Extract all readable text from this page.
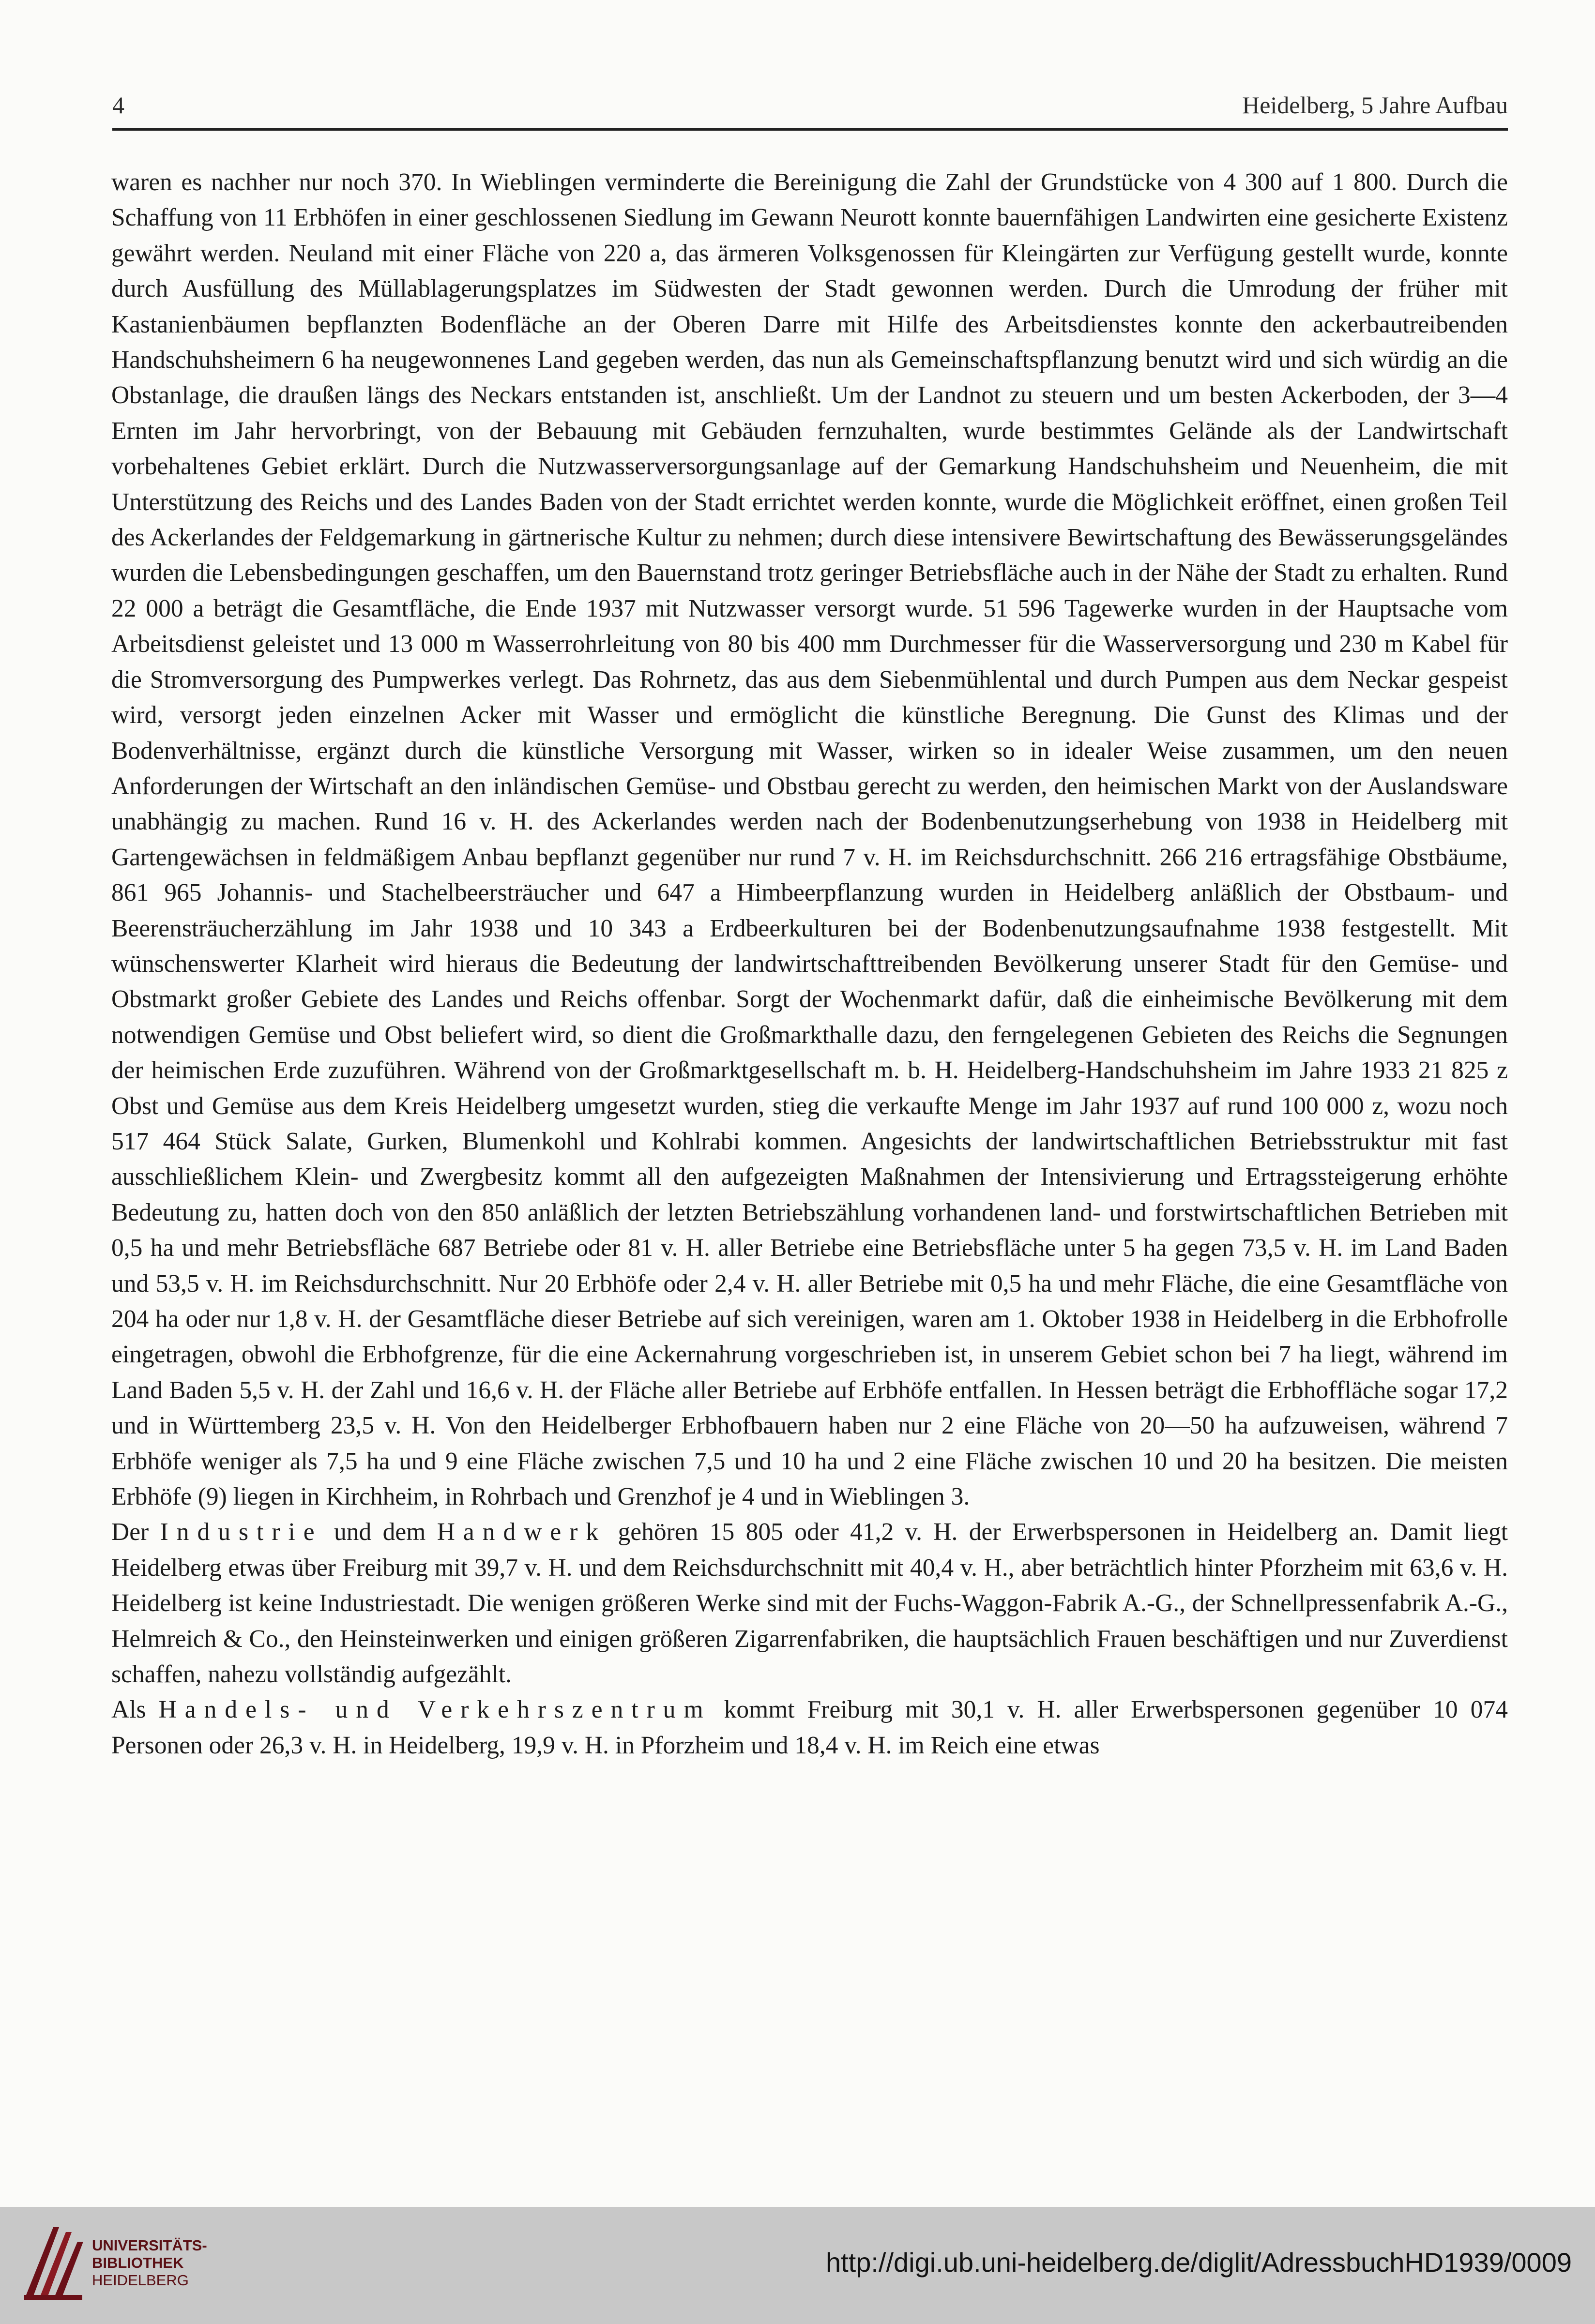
4	Heidelberg, 5 Jahre Aufbau

waren es nachher nur noch 370. In Wieblingen verminderte die Bereinigung die Zahl der Grundstücke von 4 300 auf 1 800. Durch die Schaffung von 11 Erbhöfen in einer geschlossenen Siedlung im Gewann Neurott konnte bauernfähigen Landwirten eine gesicherte Existenz gewährt werden. Neuland mit einer Fläche von 220 a, das ärmeren Volksgenossen für Kleingärten zur Verfügung gestellt wurde, konnte durch Ausfüllung des Müllablagerungsplatzes im Südwesten der Stadt gewonnen werden. Durch die Umrodung der früher mit Kastanienbäumen bepflanzten Bodenfläche an der Oberen Darre mit Hilfe des Arbeitsdienstes konnte den ackerbautreibenden Handschuhsheimern 6 ha neugewonnenes Land gegeben werden, das nun als Gemeinschaftspflanzung benutzt wird und sich würdig an die Obstanlage, die draußen längs des Neckars entstanden ist, anschließt. Um der Landnot zu steuern und um besten Ackerboden, der 3—4 Ernten im Jahr hervorbringt, von der Bebauung mit Gebäuden fernzuhalten, wurde bestimmtes Gelände als der Landwirtschaft vorbehaltenes Gebiet erklärt. Durch die Nutzwasserversorgungsanlage auf der Gemarkung Handschuhsheim und Neuenheim, die mit Unterstützung des Reichs und des Landes Baden von der Stadt errichtet werden konnte, wurde die Möglichkeit eröffnet, einen großen Teil des Ackerlandes der Feldgemarkung in gärtnerische Kultur zu nehmen; durch diese intensivere Bewirtschaftung des Bewässerungsgeländes wurden die Lebensbedingungen geschaffen, um den Bauernstand trotz geringer Betriebsfläche auch in der Nähe der Stadt zu erhalten. Rund 22 000 a beträgt die Gesamtfläche, die Ende 1937 mit Nutzwasser versorgt wurde. 51 596 Tagewerke wurden in der Hauptsache vom Arbeitsdienst geleistet und 13 000 m Wasserrohrleitung von 80 bis 400 mm Durchmesser für die Wasserversorgung und 230 m Kabel für die Stromversorgung des Pumpwerkes verlegt. Das Rohrnetz, das aus dem Siebenmühlental und durch Pumpen aus dem Neckar gespeist wird, versorgt jeden einzelnen Acker mit Wasser und ermöglicht die künstliche Beregnung. Die Gunst des Klimas und der Bodenverhältnisse, ergänzt durch die künstliche Versorgung mit Wasser, wirken so in idealer Weise zusammen, um den neuen Anforderungen der Wirtschaft an den inländischen Gemüse- und Obstbau gerecht zu werden, den heimischen Markt von der Auslandsware unabhängig zu machen. Rund 16 v. H. des Ackerlandes werden nach der Bodenbenutzungserhebung von 1938 in Heidelberg mit Gartengewächsen in feldmäßigem Anbau bepflanzt gegenüber nur rund 7 v. H. im Reichsdurchschnitt. 266 216 ertragsfähige Obstbäume, 861 965 Johannis- und Stachelbeersträucher und 647 a Himbeerpflanzung wurden in Heidelberg anläßlich der Obstbaum- und Beerensträucherzählung im Jahr 1938 und 10 343 a Erdbeerkulturen bei der Bodenbenutzungsaufnahme 1938 festgestellt. Mit wünschenswerter Klarheit wird hieraus die Bedeutung der landwirtschafttreibenden Bevölkerung unserer Stadt für den Gemüse- und Obstmarkt großer Gebiete des Landes und Reichs offenbar. Sorgt der Wochenmarkt dafür, daß die einheimische Bevölkerung mit dem notwendigen Gemüse und Obst beliefert wird, so dient die Großmarkthalle dazu, den ferngelegenen Gebieten des Reichs die Segnungen der heimischen Erde zuzuführen. Während von der Großmarktgesellschaft m. b. H. Heidelberg-Handschuhsheim im Jahre 1933 21 825 z Obst und Gemüse aus dem Kreis Heidelberg umgesetzt wurden, stieg die verkaufte Menge im Jahr 1937 auf rund 100 000 z, wozu noch 517 464 Stück Salate, Gurken, Blumenkohl und Kohlrabi kommen. Angesichts der landwirtschaftlichen Betriebsstruktur mit fast ausschließlichem Klein- und Zwergbesitz kommt all den aufgezeigten Maßnahmen der Intensivierung und Ertragssteigerung erhöhte Bedeutung zu, hatten doch von den 850 anläßlich der letzten Betriebszählung vorhandenen land- und forstwirtschaftlichen Betrieben mit 0,5 ha und mehr Betriebsfläche 687 Betriebe oder 81 v. H. aller Betriebe eine Betriebsfläche unter 5 ha gegen 73,5 v. H. im Land Baden und 53,5 v. H. im Reichsdurchschnitt. Nur 20 Erbhöfe oder 2,4 v. H. aller Betriebe mit 0,5 ha und mehr Fläche, die eine Gesamtfläche von 204 ha oder nur 1,8 v. H. der Gesamtfläche dieser Betriebe auf sich vereinigen, waren am 1. Oktober 1938 in Heidelberg in die Erbhofrolle eingetragen, obwohl die Erbhofgrenze, für die eine Ackernahrung vorgeschrieben ist, in unserem Gebiet schon bei 7 ha liegt, während im Land Baden 5,5 v. H. der Zahl und 16,6 v. H. der Fläche aller Betriebe auf Erbhöfe entfallen. In Hessen beträgt die Erbhoffläche sogar 17,2 und in Württemberg 23,5 v. H. Von den Heidelberger Erbhofbauern haben nur 2 eine Fläche von 20—50 ha aufzuweisen, während 7 Erbhöfe weniger als 7,5 ha und 9 eine Fläche zwischen 7,5 und 10 ha und 2 eine Fläche zwischen 10 und 20 ha besitzen. Die meisten Erbhöfe (9) liegen in Kirchheim, in Rohrbach und Grenzhof je 4 und in Wieblingen 3.

Der Industrie und dem Handwerk gehören 15 805 oder 41,2 v. H. der Erwerbspersonen in Heidelberg an. Damit liegt Heidelberg etwas über Freiburg mit 39,7 v. H. und dem Reichsdurchschnitt mit 40,4 v. H., aber beträchtlich hinter Pforzheim mit 63,6 v. H. Heidelberg ist keine Industriestadt. Die wenigen größeren Werke sind mit der Fuchs-Waggon-Fabrik A.-G., der Schnellpressenfabrik A.-G., Helmreich & Co., den Heinsteinwerken und einigen größeren Zigarrenfabriken, die hauptsächlich Frauen beschäftigen und nur Zuverdienst schaffen, nahezu vollständig aufgezählt.

Als Handels- und Verkehrszentrum kommt Freiburg mit 30,1 v. H. aller Erwerbspersonen gegenüber 10 074 Personen oder 26,3 v. H. in Heidelberg, 19,9 v. H. in Pforzheim und 18,4 v. H. im Reich eine etwas

UNIVERSITÄTS-
BIBLIOTHEK
HEIDELBERG
http://digi.ub.uni-heidelberg.de/diglit/AdressbuchHD1939/0009
